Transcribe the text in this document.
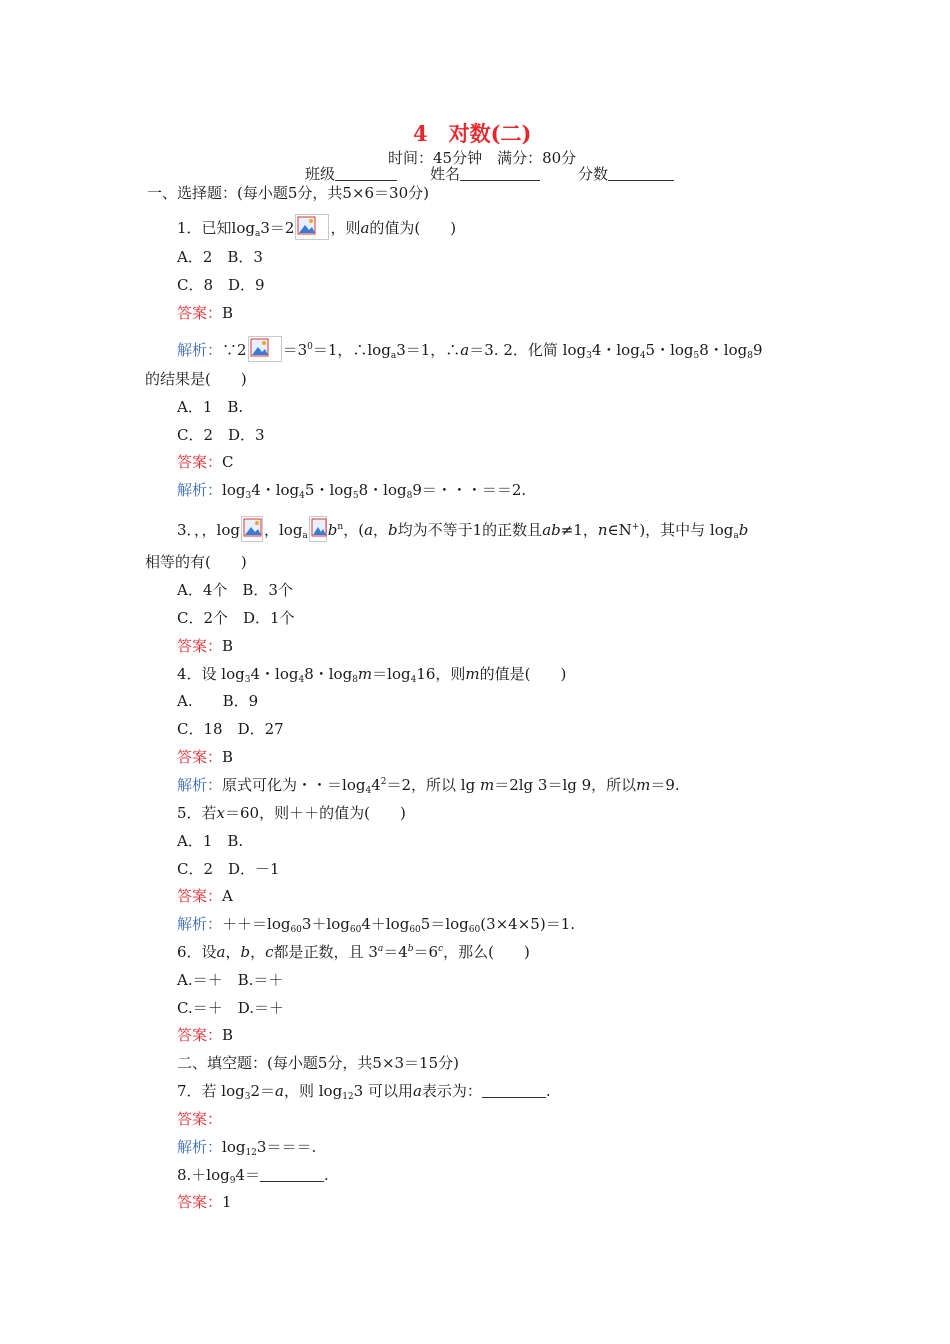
4　对数(二)
时间：45分钟　满分：80分
班级	姓名	分数
一、选择题：(每小题5分，共5×6＝30分)
1．已知$\log_a3=2$ ，则a的值为(　　)
A．2　B．3
C．8　D．9
答案：B
解析：∵2 $=3^0=1$，$\therefore\log_a3=1$，∴a＝3. 2．化简 $\log_34$・$\log_45$・$\log_58$・$\log_89$
的结果是(　　)
A．1　B.
C．2　D．3
答案：C
解析：$\log_34$・$\log_45$・$\log_58$・$\log_89=$・・・＝＝2.
3．，，log ，$\log_a b^n$，(a，b均为不等于1的正数且ab≠1，n∈N+)，其中与 $\log_ab$
相等的有(　　)
A．4个　B．3个
C．2个　D．1个
答案：B
4．设 $\log_34$・$\log_48$・$\log_8m=\log_416$，则m的值是(　　)
A.　　B．9
C．18　D．27
答案：B
解析：原式可化为・・$=\log_44^2=2$，所以 lg m＝2lg 3＝lg 9，所以m＝9.
5．若x＝60，则＋＋的值为(　　)
A．1　B.
C．2　D．－1
答案：A
解析：$++=\log_{60}3+\log_{60}4+\log_{60}5=\log_{60}(3\times 4\times 5)=1$.
6．设a，b，c都是正数，且 $3^a=4^b=6^c$，那么(　　)
A.＝＋　B.＝＋
C.＝＋　D.＝＋
答案：B
二、填空题：(每小题5分，共5×3＝15分)
7．若 $\log_32=a$，则 $\log_{12}3$ 可以用a表示为：	.
答案：
解析：$\log_{12}3===$.
$8.+\log_94=$	.
答案：1
